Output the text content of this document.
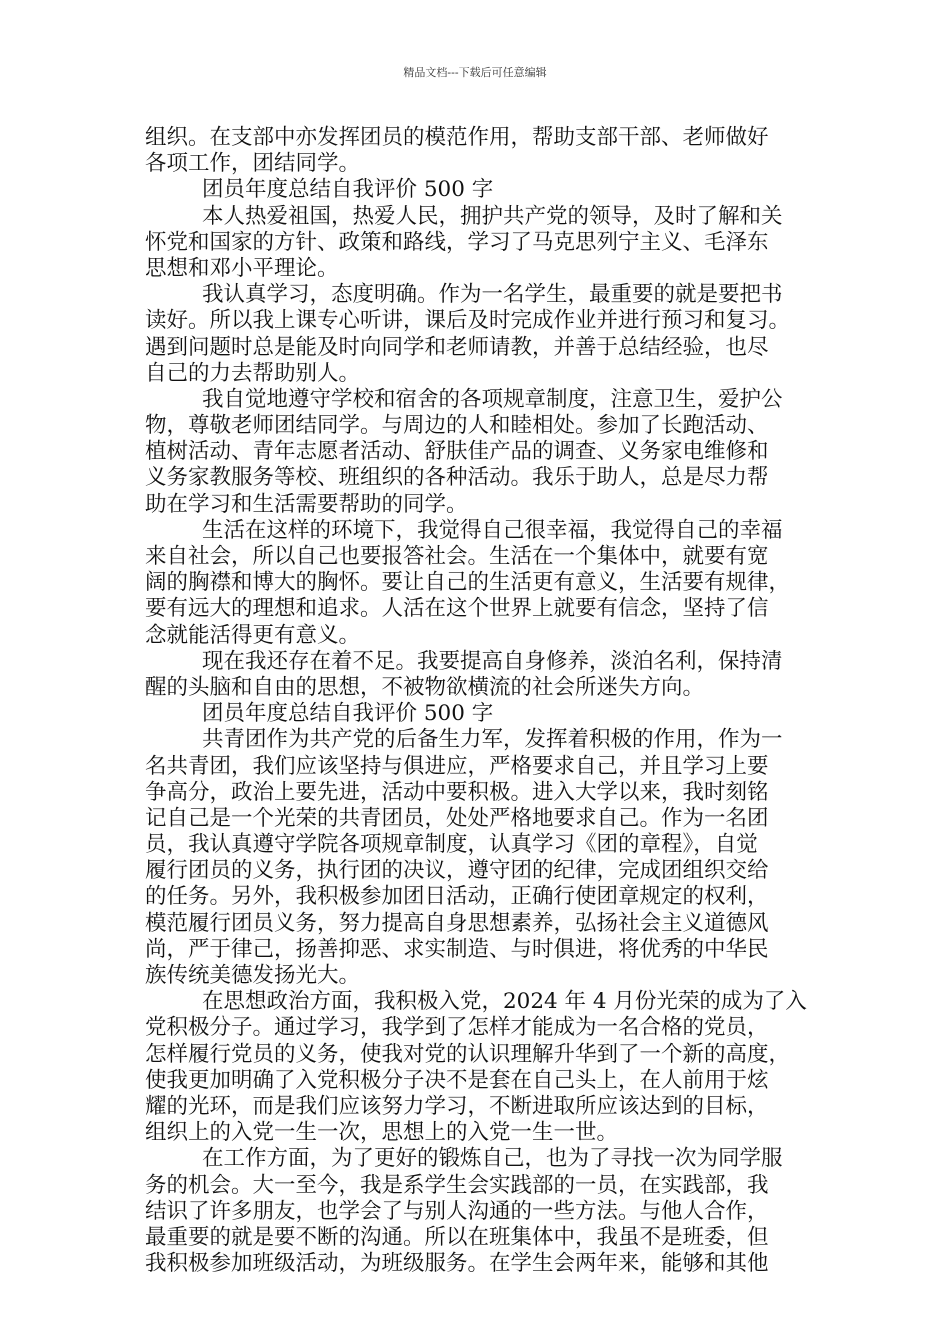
精品文档---下载后可任意编辑
组织。在支部中亦发挥团员的模范作用，帮助支部干部、老师做好
各项工作，团结同学。
团员年度总结自我评价 500 字
本人热爱祖国，热爱人民，拥护共产党的领导，及时了解和关
怀党和国家的方针、政策和路线，学习了马克思列宁主义、毛泽东
思想和邓小平理论。
我认真学习，态度明确。作为一名学生，最重要的就是要把书
读好。所以我上课专心听讲，课后及时完成作业并进行预习和复习。
遇到问题时总是能及时向同学和老师请教，并善于总结经验，也尽
自己的力去帮助别人。
我自觉地遵守学校和宿舍的各项规章制度，注意卫生，爱护公
物，尊敬老师团结同学。与周边的人和睦相处。参加了长跑活动、
植树活动、青年志愿者活动、舒肤佳产品的调查、义务家电维修和
义务家教服务等校、班组织的各种活动。我乐于助人，总是尽力帮
助在学习和生活需要帮助的同学。
生活在这样的环境下，我觉得自己很幸福，我觉得自己的幸福
来自社会，所以自己也要报答社会。生活在一个集体中，就要有宽
阔的胸襟和博大的胸怀。要让自己的生活更有意义，生活要有规律，
要有远大的理想和追求。人活在这个世界上就要有信念，坚持了信
念就能活得更有意义。
现在我还存在着不足。我要提高自身修养，淡泊名利，保持清
醒的头脑和自由的思想，不被物欲横流的社会所迷失方向。
团员年度总结自我评价 500 字
共青团作为共产党的后备生力军，发挥着积极的作用，作为一
名共青团，我们应该坚持与俱进应，严格要求自己，并且学习上要
争高分，政治上要先进，活动中要积极。进入大学以来，我时刻铭
记自己是一个光荣的共青团员，处处严格地要求自己。作为一名团
员，我认真遵守学院各项规章制度，认真学习《团的章程》，自觉
履行团员的义务，执行团的决议，遵守团的纪律，完成团组织交给
的任务。另外，我积极参加团日活动，正确行使团章规定的权利，
模范履行团员义务，努力提高自身思想素养，弘扬社会主义道德风
尚，严于律己，扬善抑恶、求实制造、与时俱进，将优秀的中华民
族传统美德发扬光大。
在思想政治方面，我积极入党，2024 年 4 月份光荣的成为了入
党积极分子。通过学习，我学到了怎样才能成为一名合格的党员，
怎样履行党员的义务，使我对党的认识理解升华到了一个新的高度，
使我更加明确了入党积极分子决不是套在自己头上，在人前用于炫
耀的光环，而是我们应该努力学习，不断进取所应该达到的目标，
组织上的入党一生一次，思想上的入党一生一世。
在工作方面，为了更好的锻炼自己，也为了寻找一次为同学服
务的机会。大一至今，我是系学生会实践部的一员，在实践部，我
结识了许多朋友，也学会了与别人沟通的一些方法。与他人合作，
最重要的就是要不断的沟通。所以在班集体中，我虽不是班委，但
我积极参加班级活动，为班级服务。在学生会两年来，能够和其他
